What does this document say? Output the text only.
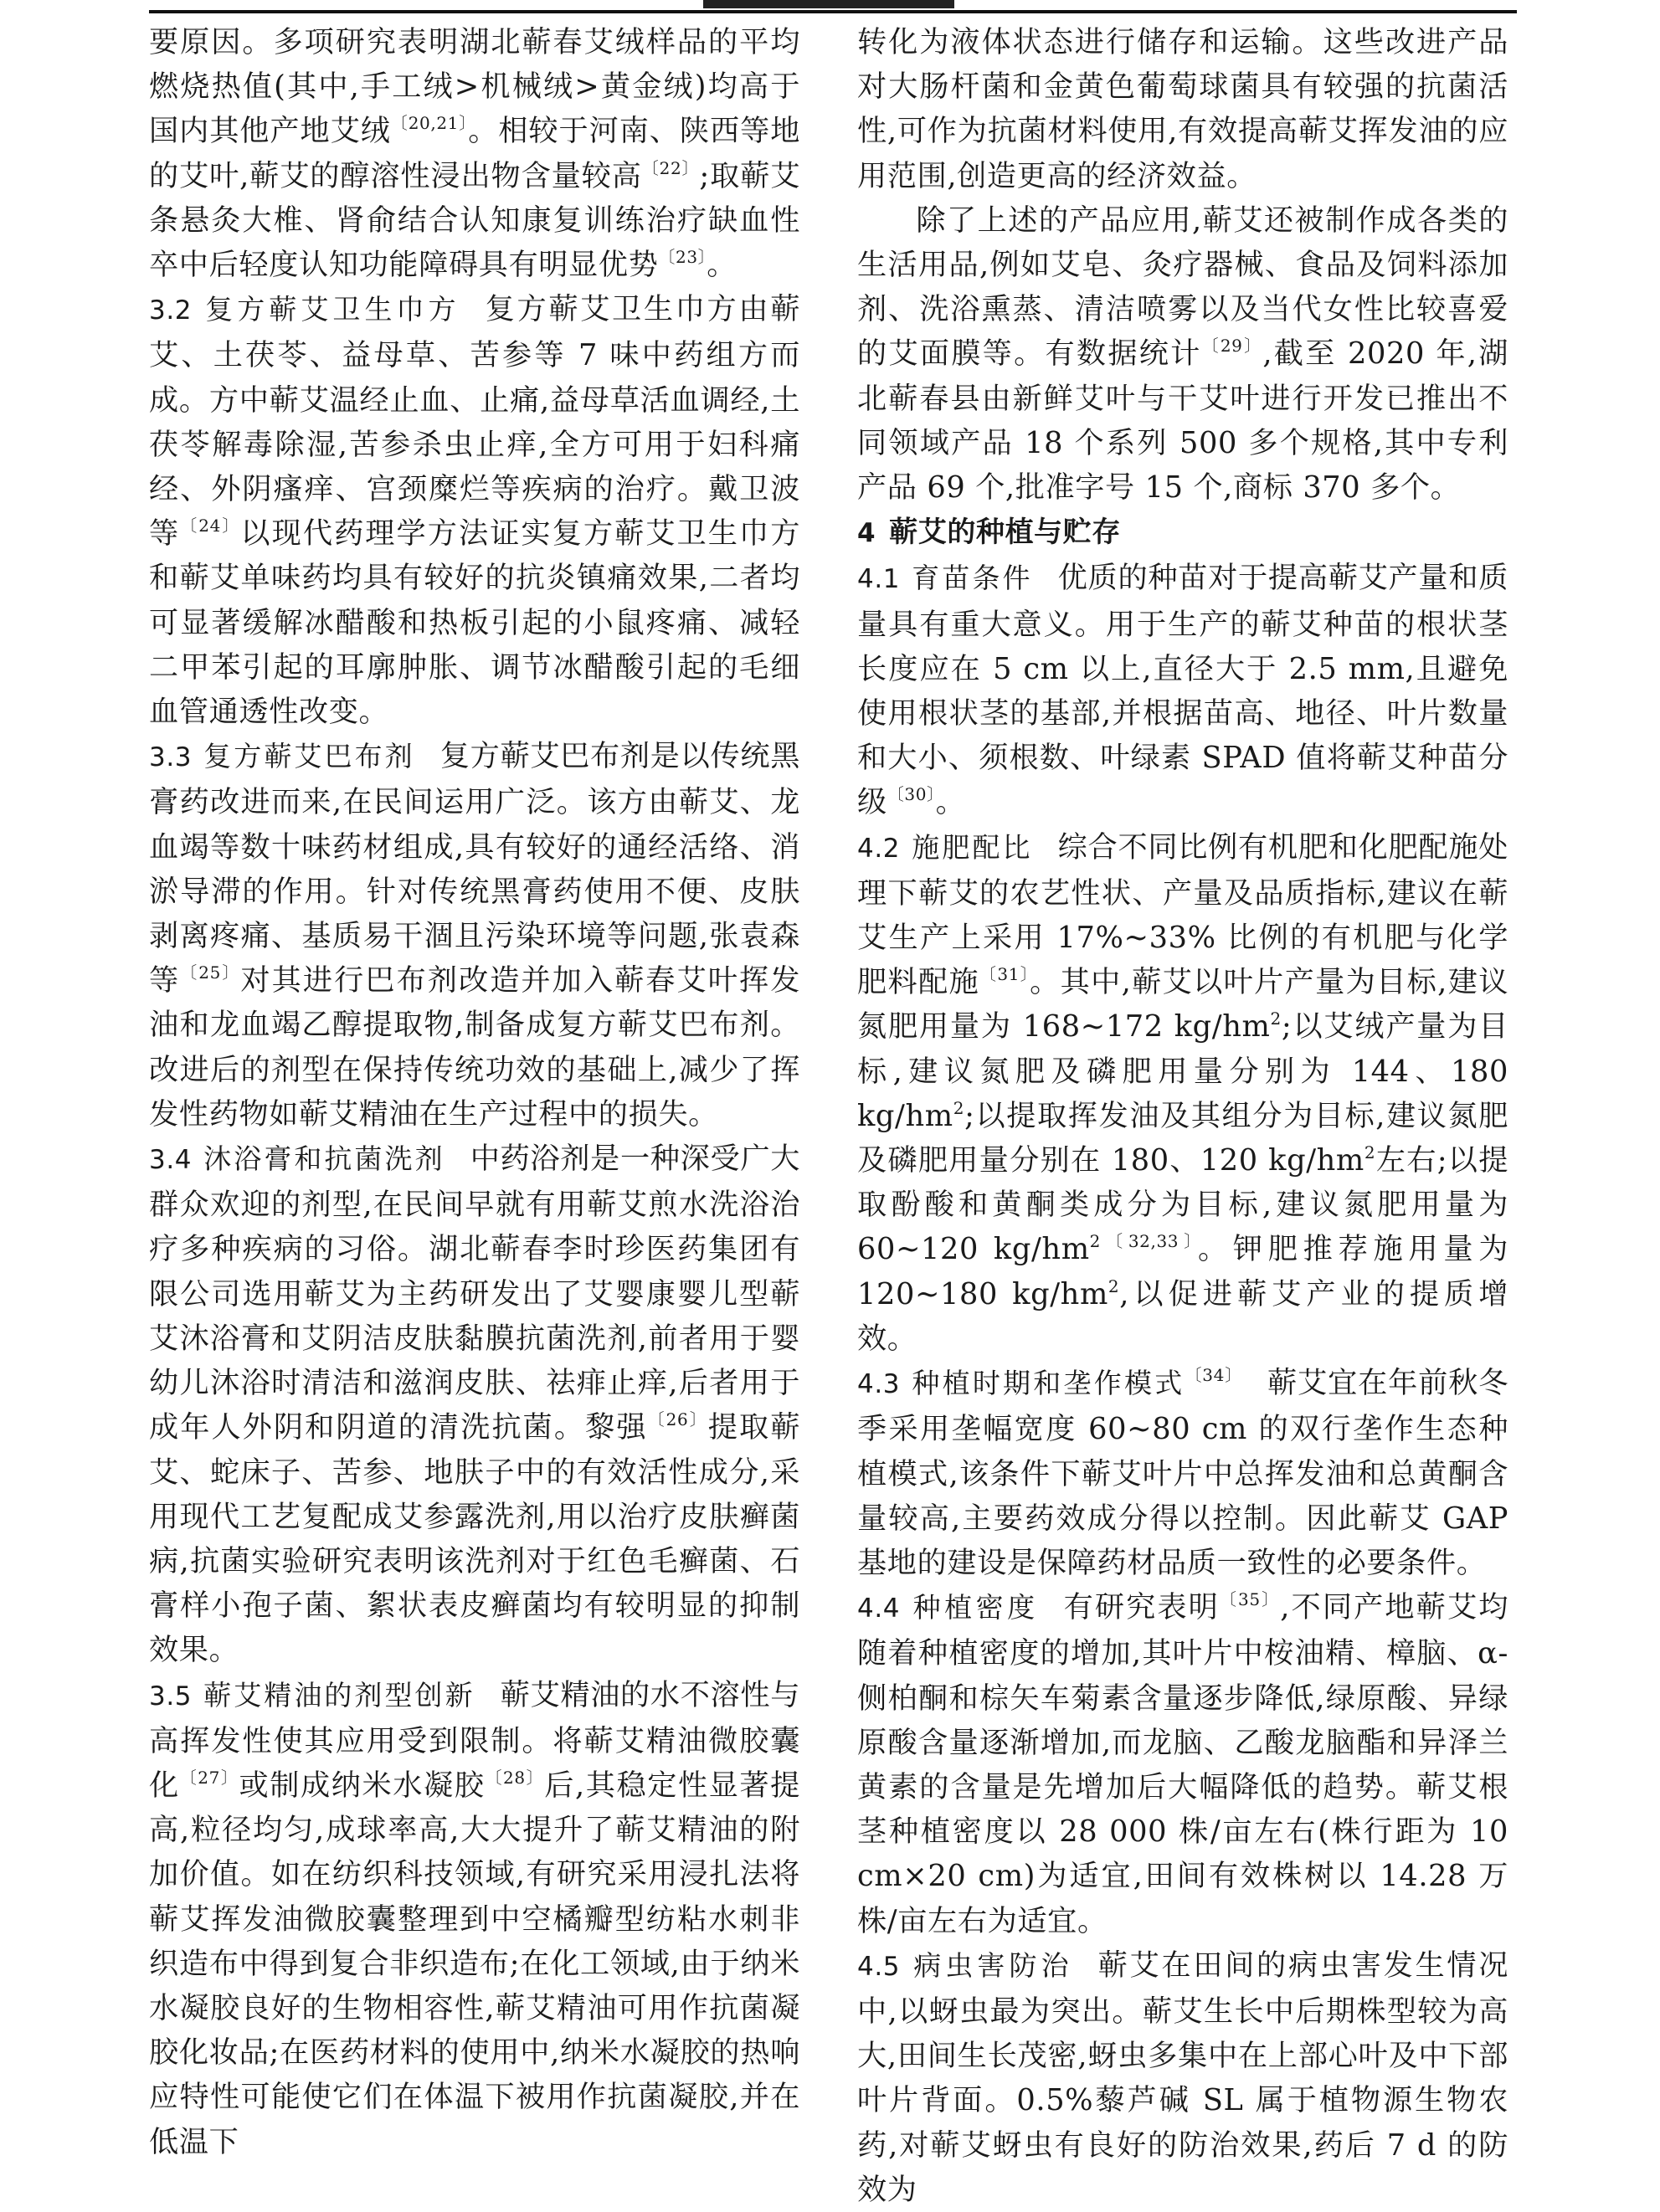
要原因。多项研究表明湖北蕲春艾绒样品的平均燃烧热值(其中,手工绒>机械绒>黄金绒)均高于国内其他产地艾绒$^{〔20,21〕}$。相较于河南、陕西等地的艾叶,蕲艾的醇溶性浸出物含量较高$^{〔22〕}$;取蕲艾条悬灸大椎、肾俞结合认知康复训练治疗缺血性卒中后轻度认知功能障碍具有明显优势$^{〔23〕}$。

3.2 复方蕲艾卫生巾方 复方蕲艾卫生巾方由蕲艾、土茯苓、益母草、苦参等 7 味中药组方而成。方中蕲艾温经止血、止痛,益母草活血调经,土茯苓解毒除湿,苦参杀虫止痒,全方可用于妇科痛经、外阴瘙痒、宫颈糜烂等疾病的治疗。戴卫波等$^{〔24〕}$以现代药理学方法证实复方蕲艾卫生巾方和蕲艾单味药均具有较好的抗炎镇痛效果,二者均可显著缓解冰醋酸和热板引起的小鼠疼痛、减轻二甲苯引起的耳廓肿胀、调节冰醋酸引起的毛细血管通透性改变。

3.3 复方蕲艾巴布剂 复方蕲艾巴布剂是以传统黑膏药改进而来,在民间运用广泛。该方由蕲艾、龙血竭等数十味药材组成,具有较好的通经活络、消淤导滞的作用。针对传统黑膏药使用不便、皮肤剥离疼痛、基质易干涸且污染环境等问题,张袁森等$^{〔25〕}$对其进行巴布剂改造并加入蕲春艾叶挥发油和龙血竭乙醇提取物,制备成复方蕲艾巴布剂。改进后的剂型在保持传统功效的基础上,减少了挥发性药物如蕲艾精油在生产过程中的损失。

3.4 沐浴膏和抗菌洗剂 中药浴剂是一种深受广大群众欢迎的剂型,在民间早就有用蕲艾煎水洗浴治疗多种疾病的习俗。湖北蕲春李时珍医药集团有限公司选用蕲艾为主药研发出了艾婴康婴儿型蕲艾沐浴膏和艾阴洁皮肤黏膜抗菌洗剂,前者用于婴幼儿沐浴时清洁和滋润皮肤、祛痱止痒,后者用于成年人外阴和阴道的清洗抗菌。黎强$^{〔26〕}$提取蕲艾、蛇床子、苦参、地肤子中的有效活性成分,采用现代工艺复配成艾参露洗剂,用以治疗皮肤癣菌病,抗菌实验研究表明该洗剂对于红色毛癣菌、石膏样小孢子菌、絮状表皮癣菌均有较明显的抑制效果。

3.5 蕲艾精油的剂型创新 蕲艾精油的水不溶性与高挥发性使其应用受到限制。将蕲艾精油微胶囊化$^{〔27〕}$或制成纳米水凝胶$^{〔28〕}$后,其稳定性显著提高,粒径均匀,成球率高,大大提升了蕲艾精油的附加价值。如在纺织科技领域,有研究采用浸扎法将蕲艾挥发油微胶囊整理到中空橘瓣型纺粘水刺非织造布中得到复合非织造布;在化工领域,由于纳米水凝胶良好的生物相容性,蕲艾精油可用作抗菌凝胶化妆品;在医药材料的使用中,纳米水凝胶的热响应特性可能使它们在体温下被用作抗菌凝胶,并在低温下

转化为液体状态进行储存和运输。这些改进产品对大肠杆菌和金黄色葡萄球菌具有较强的抗菌活性,可作为抗菌材料使用,有效提高蕲艾挥发油的应用范围,创造更高的经济效益。

除了上述的产品应用,蕲艾还被制作成各类的生活用品,例如艾皂、灸疗器械、食品及饲料添加剂、洗浴熏蒸、清洁喷雾以及当代女性比较喜爱的艾面膜等。有数据统计$^{〔29〕}$,截至 2020 年,湖北蕲春县由新鲜艾叶与干艾叶进行开发已推出不同领域产品 18 个系列 500 多个规格,其中专利产品 69 个,批准字号 15 个,商标 370 多个。

4 蕲艾的种植与贮存

4.1 育苗条件 优质的种苗对于提高蕲艾产量和质量具有重大意义。用于生产的蕲艾种苗的根状茎长度应在 5 cm 以上,直径大于 2.5 mm,且避免使用根状茎的基部,并根据苗高、地径、叶片数量和大小、须根数、叶绿素 SPAD 值将蕲艾种苗分级$^{〔30〕}$。

4.2 施肥配比 综合不同比例有机肥和化肥配施处理下蕲艾的农艺性状、产量及品质指标,建议在蕲艾生产上采用 17%~33% 比例的有机肥与化学肥料配施$^{〔31〕}$。其中,蕲艾以叶片产量为目标,建议氮肥用量为 168~172 $kg/hm^2$;以艾绒产量为目标,建议氮肥及磷肥用量分别为 144、180 $kg/hm^2$;以提取挥发油及其组分为目标,建议氮肥及磷肥用量分别在 180、120 $kg/hm^2$左右;以提取酚酸和黄酮类成分为目标,建议氮肥用量为 60~120 $kg/hm^{2〔32,33〕}$。钾肥推荐施用量为 120~180 $kg/hm^2$,以促进蕲艾产业的提质增效。

4.3 种植时期和垄作模式$^{〔34〕}$ 蕲艾宜在年前秋冬季采用垄幅宽度 60~80 cm 的双行垄作生态种植模式,该条件下蕲艾叶片中总挥发油和总黄酮含量较高,主要药效成分得以控制。因此蕲艾 GAP 基地的建设是保障药材品质一致性的必要条件。

4.4 种植密度 有研究表明$^{〔35〕}$,不同产地蕲艾均随着种植密度的增加,其叶片中桉油精、樟脑、α-侧柏酮和棕矢车菊素含量逐步降低,绿原酸、异绿原酸含量逐渐增加,而龙脑、乙酸龙脑酯和异泽兰黄素的含量是先增加后大幅降低的趋势。蕲艾根茎种植密度以 28 000 株/亩左右(株行距为 10 cm×20 cm)为适宜,田间有效株树以 14.28 万株/亩左右为适宜。

4.5 病虫害防治 蕲艾在田间的病虫害发生情况中,以蚜虫最为突出。蕲艾生长中后期株型较为高大,田间生长茂密,蚜虫多集中在上部心叶及中下部叶片背面。0.5%藜芦碱 SL 属于植物源生物农药,对蕲艾蚜虫有良好的防治效果,药后 7 d 的防效为
